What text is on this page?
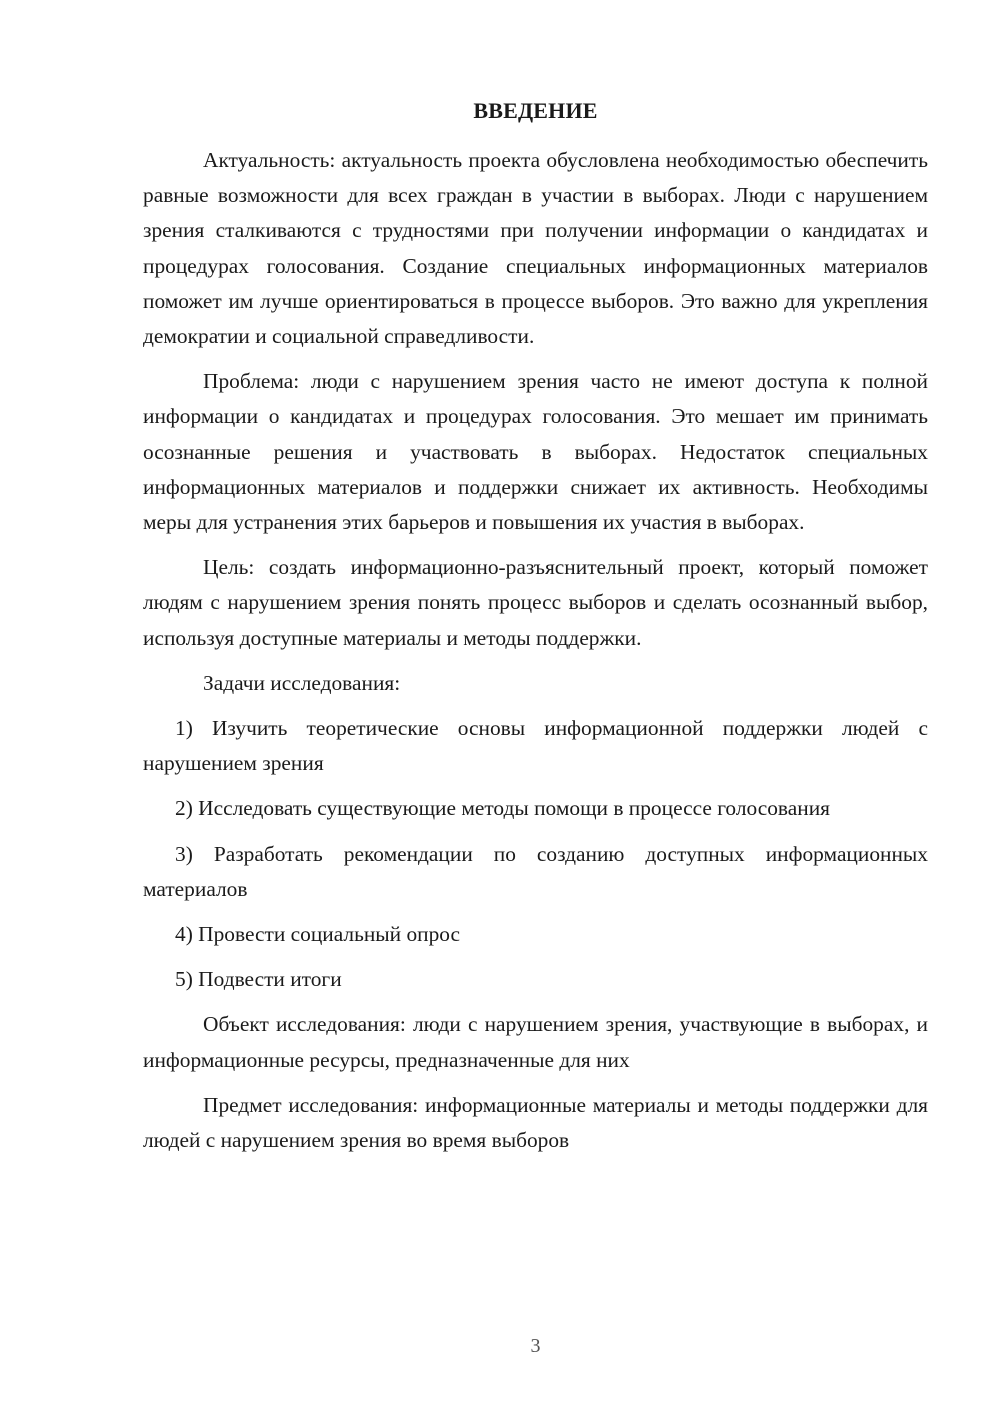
ВВЕДЕНИЕ

Актуальность: актуальность проекта обусловлена необходимостью обеспечить равные возможности для всех граждан в участии в выборах. Люди с нарушением зрения сталкиваются с трудностями при получении информации о кандидатах и процедурах голосования. Создание специальных информационных материалов поможет им лучше ориентироваться в процессе выборов. Это важно для укрепления демократии и социальной справедливости.

Проблема: люди с нарушением зрения часто не имеют доступа к полной информации о кандидатах и процедурах голосования. Это мешает им принимать осознанные решения и участвовать в выборах. Недостаток специальных информационных материалов и поддержки снижает их активность. Необходимы меры для устранения этих барьеров и повышения их участия в выборах.

Цель: создать информационно-разъяснительный проект, который поможет людям с нарушением зрения понять процесс выборов и сделать осознанный выбор, используя доступные материалы и методы поддержки.

Задачи исследования:

1) Изучить теоретические основы информационной поддержки людей с нарушением зрения

2) Исследовать существующие методы помощи в процессе голосования

3) Разработать рекомендации по созданию доступных информационных материалов

4) Провести социальный опрос

5) Подвести итоги

Объект исследования: люди с нарушением зрения, участвующие в выборах, и информационные ресурсы, предназначенные для них

Предмет исследования: информационные материалы и методы поддержки для людей с нарушением зрения во время выборов

3
